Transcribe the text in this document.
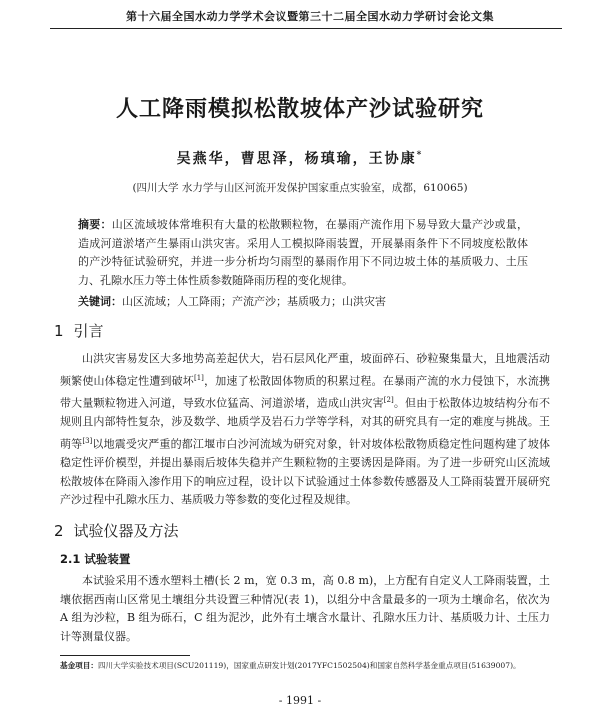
第十六届全国水动力学学术会议暨第三十二届全国水动力学研讨会论文集
人工降雨模拟松散坡体产沙试验研究
吴燕华，曹思泽，杨瑱瑜，王协康*
(四川大学 水力学与山区河流开发保护国家重点实验室，成都，610065)
摘要：山区流域坡体常堆积有大量的松散颗粒物，在暴雨产流作用下易导致大量产沙或量，造成河道淤堵产生暴雨山洪灾害。采用人工模拟降雨装置，开展暴雨条件下不同坡度松散体的产沙特征试验研究，并进一步分析均匀雨型的暴雨作用下不同边坡土体的基质吸力、土压力、孔隙水压力等土体性质参数随降雨历程的变化规律。
关键词：山区流域；人工降雨；产流产沙；基质吸力；山洪灾害
1 引言
山洪灾害易发区大多地势高差起伏大，岩石层风化严重，坡面碎石、砂粒聚集量大，且地震活动频繁使山体稳定性遭到破坏[1]，加速了松散固体物质的积累过程。在暴雨产流的水力侵蚀下，水流携带大量颗粒物进入河道，导致水位猛高、河道淤堵，造成山洪灾害[2]。但由于松散体边坡结构分布不规则且内部特性复杂，涉及数学、地质学及岩石力学等学科，对其的研究具有一定的难度与挑战。王萌等[3]以地震受灾严重的都江堰市白沙河流域为研究对象，针对坡体松散物质稳定性问题构建了坡体稳定性评价模型，并提出暴雨后坡体失稳并产生颗粒物的主要诱因是降雨。为了进一步研究山区流域松散坡体在降雨入渗作用下的响应过程，设计以下试验通过土体参数传感器及人工降雨装置开展研究产沙过程中孔隙水压力、基质吸力等参数的变化过程及规律。
2 试验仪器及方法
2.1 试验装置
本试验采用不透水塑料土槽(长 2 m，宽 0.3 m，高 0.8 m)，上方配有自定义人工降雨装置，土壤依据西南山区常见土壤组分共设置三种情况(表 1)，以组分中含量最多的一项为土壤命名，依次为 A 组为沙粒，B 组为砾石，C 组为泥沙，此外有土壤含水量计、孔隙水压力计、基质吸力计、土压力计等测量仪器。
基金项目：四川大学实验技术项目(SCU201119)，国家重点研发计划(2017YFC1502504)和国家自然科学基金重点项目(51639007)。
- 1991 -
